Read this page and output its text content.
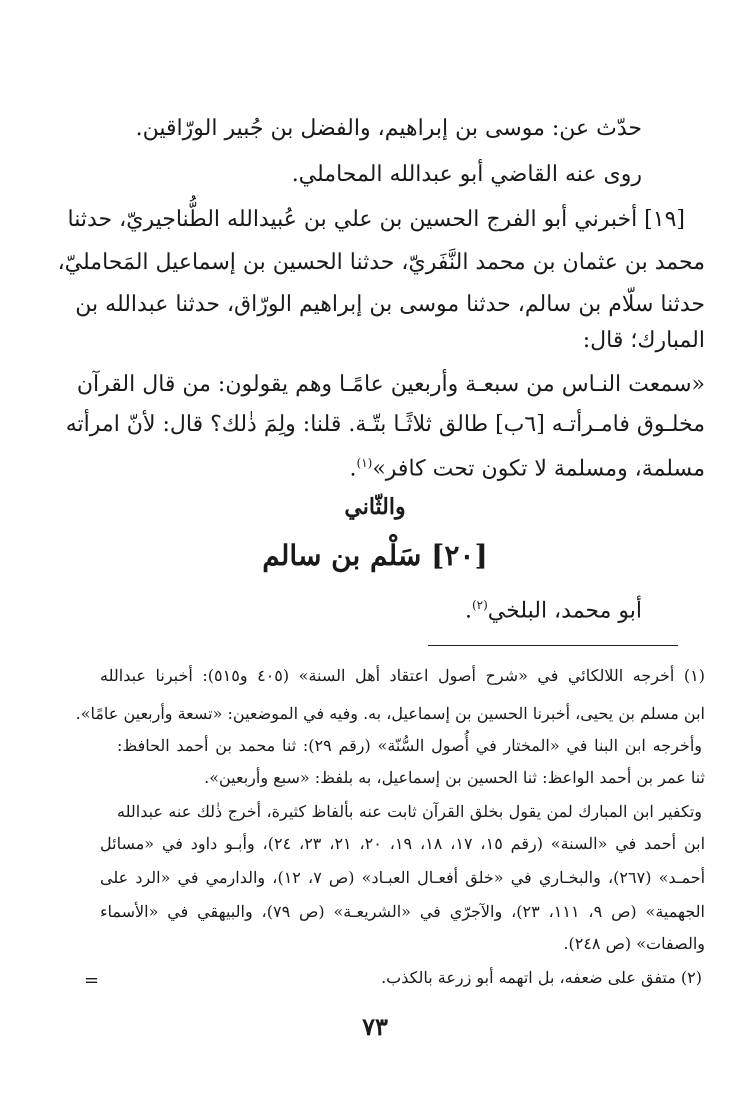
حدّث عن: موسى بن إبراهيم، والفضل بن جُبير الورّاقين.
روى عنه القاضي أبو عبدالله المحاملي.
[١٩] أخبرني أبو الفرج الحسين بن علي بن عُبيدالله الطُّناجيريّ، حدثنا
محمد بن عثمان بن محمد النَّفَريّ، حدثنا الحسين بن إسماعيل المَحامليّ،
حدثنا سلّام بن سالم، حدثنا موسى بن إبراهيم الورّاق، حدثنا عبدالله بن
المبارك؛ قال:
«سمعت النـاس من سبعـة وأربعين عامًـا وهم يقولون: من قال القرآن
مخلـوق فامـرأتـه [٦ب] طالق ثلاثًـا بتّـة. قلنا: ولِمَ ذٰلك؟ قال: لأنّ امرأته
مسلمة، ومسلمة لا تكون تحت كافر»$^{(١)}$.
والثّاني
[٢٠] سَلْم بن سالم
أبو محمد، البلخي$^{(٢)}$.
(١) أخرجه اللالكائي في «شرح أصول اعتقاد أهل السنة» (٤٠٥ و٥١٥): أخبرنا عبدالله
ابن مسلم بن يحيى، أخبرنا الحسين بن إسماعيل، به. وفيه في الموضعين: «تسعة وأربعين عامًا».
وأخرجه ابن البنا في «المختار في أُصول السُّنّة» (رقم ٢٩): ثنا محمد بن أحمد الحافظ:
ثنا عمر بن أحمد الواعظ: ثنا الحسين بن إسماعيل، به بلفظ: «سبع وأربعين».
وتكفير ابن المبارك لمن يقول بخلق القرآن ثابت عنه بألفاظ كثيرة، أخرج ذٰلك عنه عبدالله
ابن أحمد في «السنة» (رقم ١٥، ١٧، ١٨، ١٩، ٢٠، ٢١، ٢٣، ٢٤)، وأبـو داود في «مسائل
أحمـد» (٢٦٧)، والبخـاري في «خلق أفعـال العبـاد» (ص ٧، ١٢)، والدارمي في «الرد على
الجهمية» (ص ٩، ١١١، ٢٣)، والآجرّي في «الشريعـة» (ص ٧٩)، والبيهقي في «الأسماء
والصفات» (ص ٢٤٨).
(٢) متفق على ضعفه، بل اتهمه أبو زرعة بالكذب.
=
٧٣
